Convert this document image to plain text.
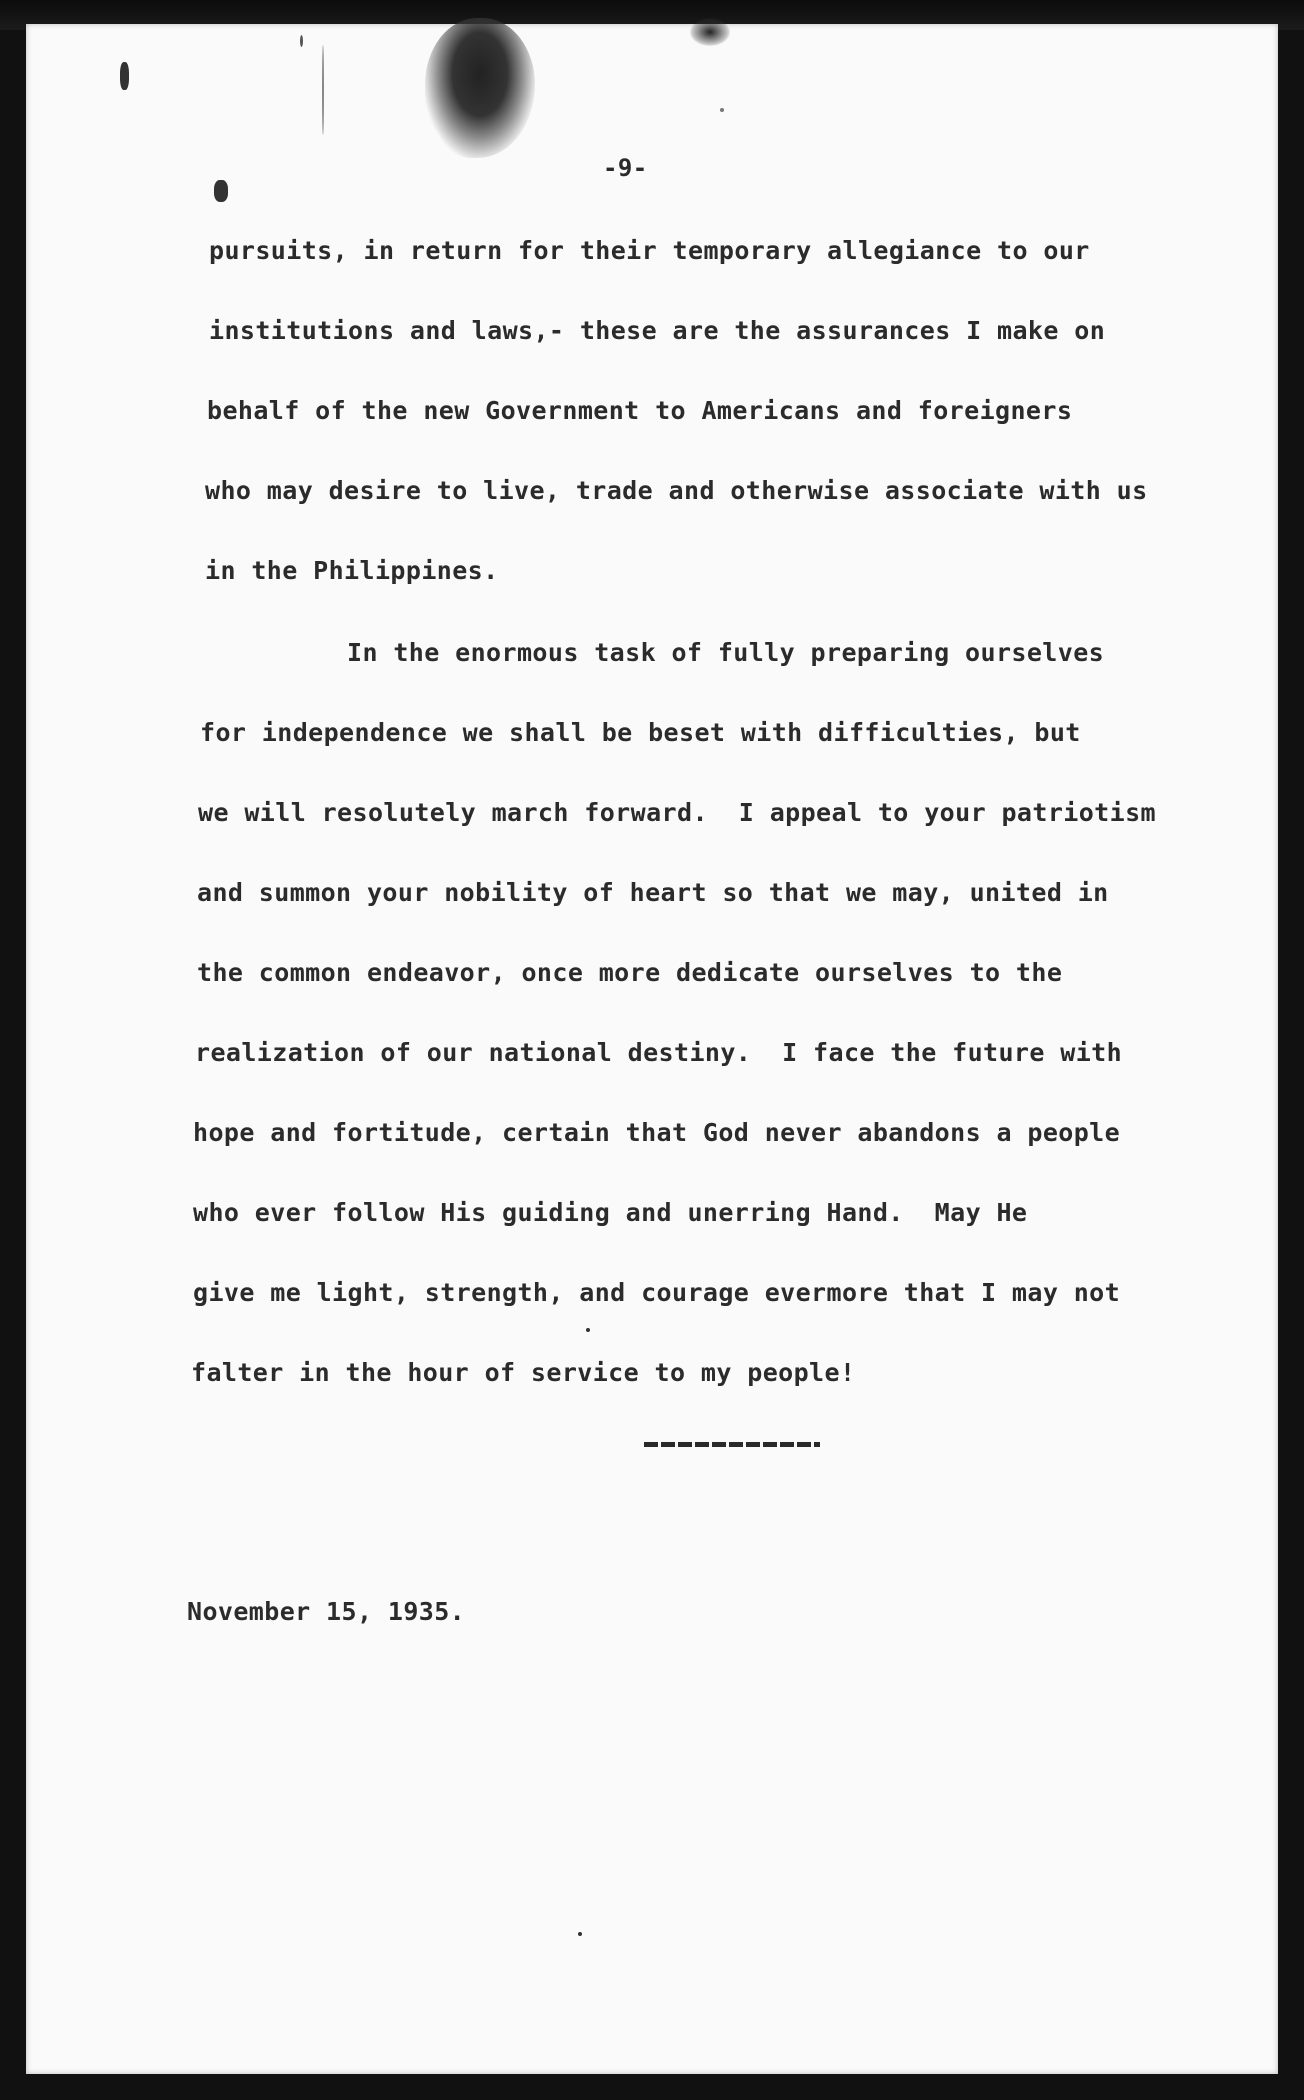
-9-
pursuits, in return for their temporary allegiance to our
institutions and laws,- these are the assurances I make on
behalf of the new Government to Americans and foreigners
who may desire to live, trade and otherwise associate with us
in the Philippines.
In the enormous task of fully preparing ourselves
for independence we shall be beset with difficulties, but
we will resolutely march forward.  I appeal to your patriotism
and summon your nobility of heart so that we may, united in
the common endeavor, once more dedicate ourselves to the
realization of our national destiny.  I face the future with
hope and fortitude, certain that God never abandons a people
who ever follow His guiding and unerring Hand.  May He
give me light, strength, and courage evermore that I may not
falter in the hour of service to my people!
November 15, 1935.
